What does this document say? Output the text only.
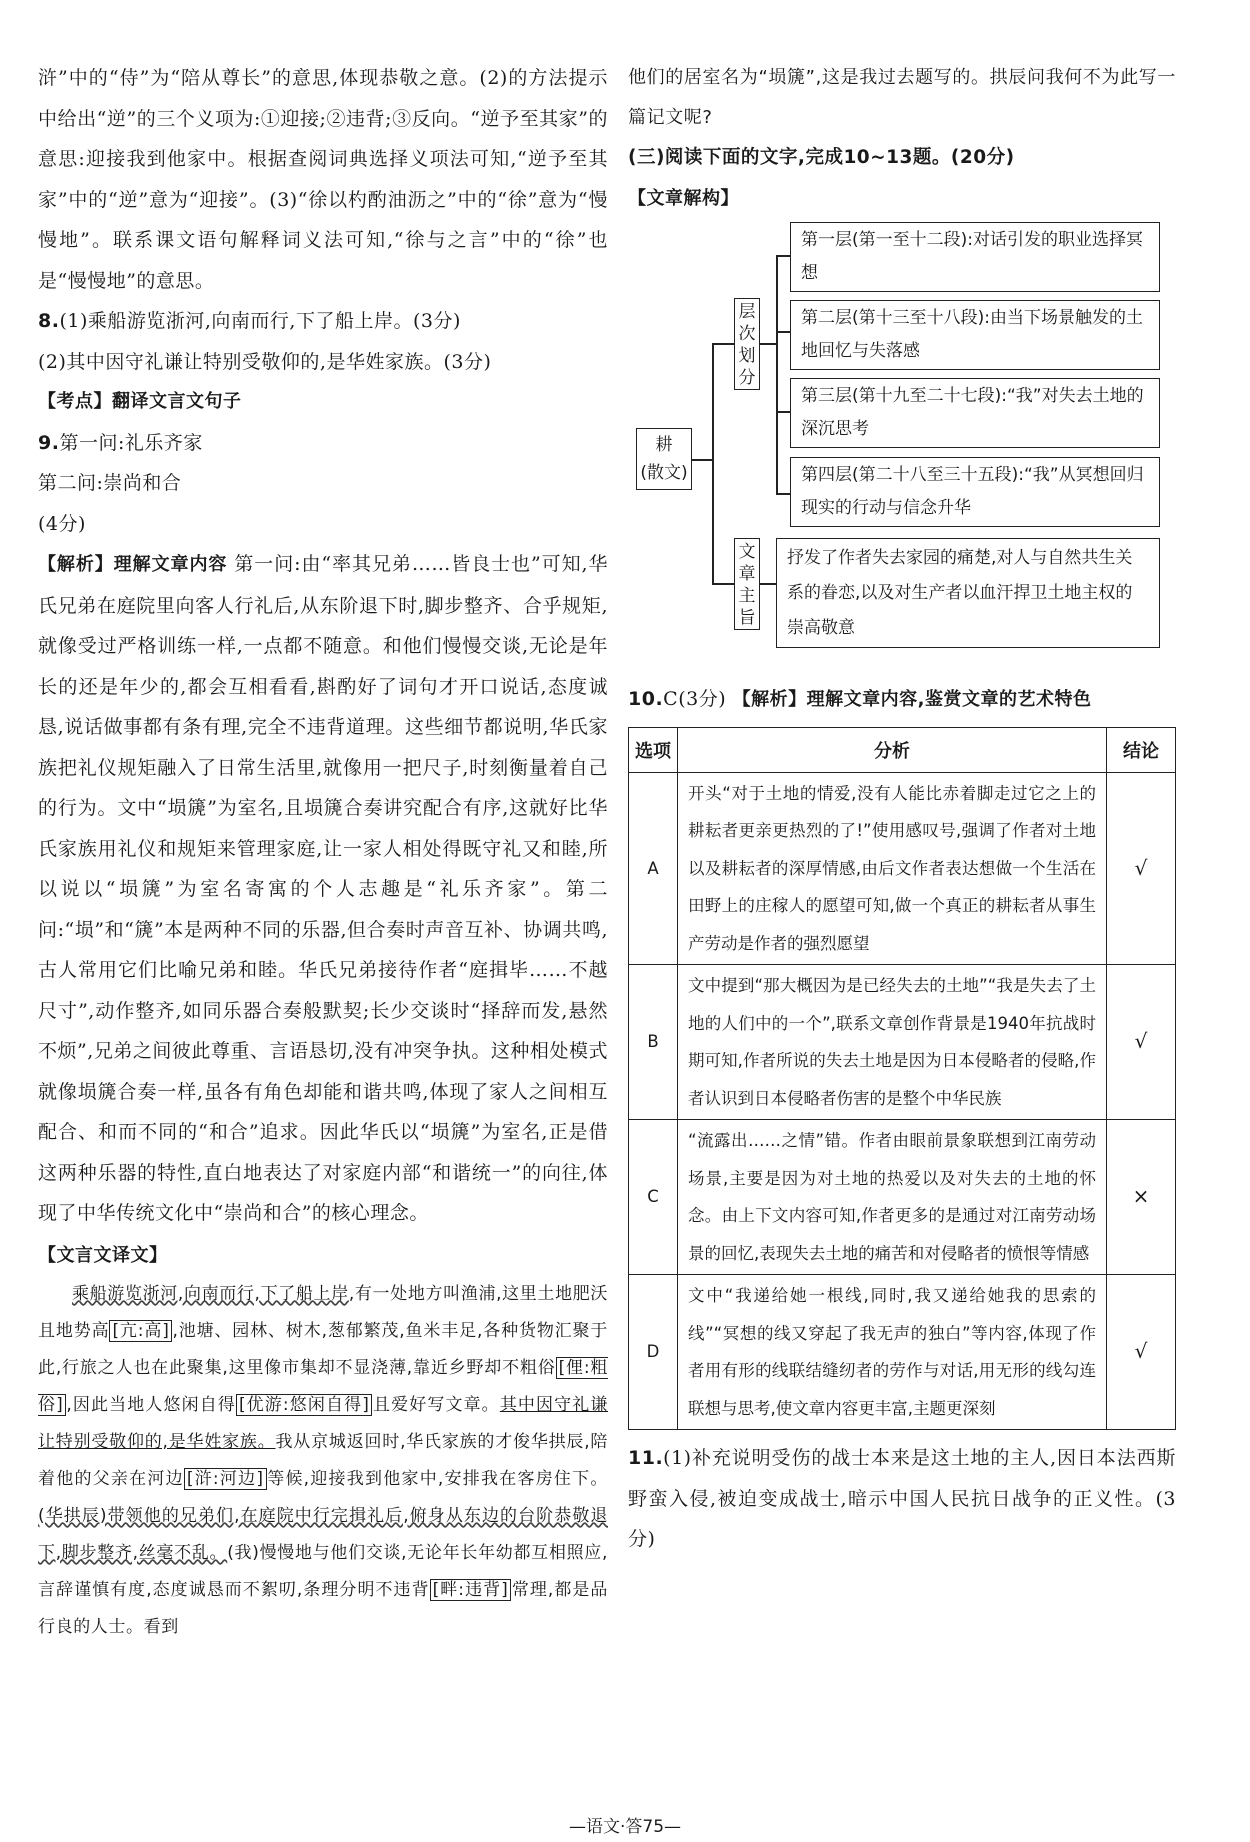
浒”中的“侍”为“陪从尊长”的意思,体现恭敬之意。(2)的方法提示中给出“逆”的三个义项为:①迎接;②违背;③反向。“逆予至其家”的意思:迎接我到他家中。根据查阅词典选择义项法可知,“逆予至其家”中的“逆”意为“迎接”。(3)“徐以杓酌油沥之”中的“徐”意为“慢慢地”。联系课文语句解释词义法可知,“徐与之言”中的“徐”也是“慢慢地”的意思。

8.(1)乘船游览浙河,向南而行,下了船上岸。(3分)

(2)其中因守礼谦让特别受敬仰的,是华姓家族。(3分)

【考点】翻译文言文句子

9.第一问:礼乐齐家

第二问:崇尚和合

(4分)

【解析】理解文章内容 第一问:由“率其兄弟……皆良士也”可知,华氏兄弟在庭院里向客人行礼后,从东阶退下时,脚步整齐、合乎规矩,就像受过严格训练一样,一点都不随意。和他们慢慢交谈,无论是年长的还是年少的,都会互相看看,斟酌好了词句才开口说话,态度诚恳,说话做事都有条有理,完全不违背道理。这些细节都说明,华氏家族把礼仪规矩融入了日常生活里,就像用一把尺子,时刻衡量着自己的行为。文中“埙篪”为室名,且埙篪合奏讲究配合有序,这就好比华氏家族用礼仪和规矩来管理家庭,让一家人相处得既守礼又和睦,所以说以“埙篪”为室名寄寓的个人志趣是“礼乐齐家”。第二问:“埙”和“篪”本是两种不同的乐器,但合奏时声音互补、协调共鸣,古人常用它们比喻兄弟和睦。华氏兄弟接待作者“庭揖毕……不越尺寸”,动作整齐,如同乐器合奏般默契;长少交谈时“择辞而发,悬然不烦”,兄弟之间彼此尊重、言语恳切,没有冲突争执。这种相处模式就像埙篪合奏一样,虽各有角色却能和谐共鸣,体现了家人之间相互配合、和而不同的“和合”追求。因此华氏以“埙篪”为室名,正是借这两种乐器的特性,直白地表达了对家庭内部“和谐统一”的向往,体现了中华传统文化中“崇尚和合”的核心理念。

【文言文译文】

乘船游览浙河,向南而行,下了船上岸,有一处地方叫渔浦,这里土地肥沃且地势高 [亢:高] ,池塘、园林、树木,葱郁繁茂,鱼米丰足,各种货物汇聚于此,行旅之人也在此聚集,这里像市集却不显浇薄,靠近乡野却不粗俗 [俚:粗俗] ,因此当地人悠闲自得 [优游:悠闲自得] 且爱好写文章。其中因守礼谦让特别受敬仰的,是华姓家族。我从京城返回时,华氏家族的才俊华拱辰,陪着他的父亲在河边 [浒:河边] 等候,迎接我到他家中,安排我在客房住下。(华拱辰)带领他的兄弟们,在庭院中行完揖礼后,俯身从东边的台阶恭敬退下,脚步整齐,丝毫不乱。(我)慢慢地与他们交谈,无论年长年幼都互相照应,言辞谨慎有度,态度诚恳而不絮叨,条理分明不违背 [畔:违背] 常理,都是品行良的人士。看到

他们的居室名为“埙篪”,这是我过去题写的。拱辰问我何不为此写一篇记文呢?

(三)阅读下面的文字,完成10~13题。(20分)

【文章解构】

耕
(散文)
层次划分
第一层(第一至十二段):对话引发的职业选择冥想
第二层(第十三至十八段):由当下场景触发的土地回忆与失落感
第三层(第十九至二十七段):“我”对失去土地的深沉思考
第四层(第二十八至三十五段):“我”从冥想回归现实的行动与信念升华
文章主旨
抒发了作者失去家园的痛楚,对人与自然共生关系的眷恋,以及对生产者以血汗捍卫土地主权的崇高敬意

10.C(3分) 【解析】理解文章内容,鉴赏文章的艺术特色

选项	分析	结论
A	开头“对于土地的情爱,没有人能比赤着脚走过它之上的耕耘者更亲更热烈的了!”使用感叹号,强调了作者对土地以及耕耘者的深厚情感,由后文作者表达想做一个生活在田野上的庄稼人的愿望可知,做一个真正的耕耘者从事生产劳动是作者的强烈愿望	√
B	文中提到“那大概因为是已经失去的土地”“我是失去了土地的人们中的一个”,联系文章创作背景是1940年抗战时期可知,作者所说的失去土地是因为日本侵略者的侵略,作者认识到日本侵略者伤害的是整个中华民族	√
C	“流露出……之情”错。作者由眼前景象联想到江南劳动场景,主要是因为对土地的热爱以及对失去的土地的怀念。由上下文内容可知,作者更多的是通过对江南劳动场景的回忆,表现失去土地的痛苦和对侵略者的愤恨等情感	×
D	文中“我递给她一根线,同时,我又递给她我的思索的线”“冥想的线又穿起了我无声的独白”等内容,体现了作者用有形的线联结缝纫者的劳作与对话,用无形的线勾连联想与思考,使文章内容更丰富,主题更深刻	√

11.(1)补充说明受伤的战士本来是这土地的主人,因日本法西斯野蛮入侵,被迫变成战士,暗示中国人民抗日战争的正义性。(3分)

—语文·答75—
